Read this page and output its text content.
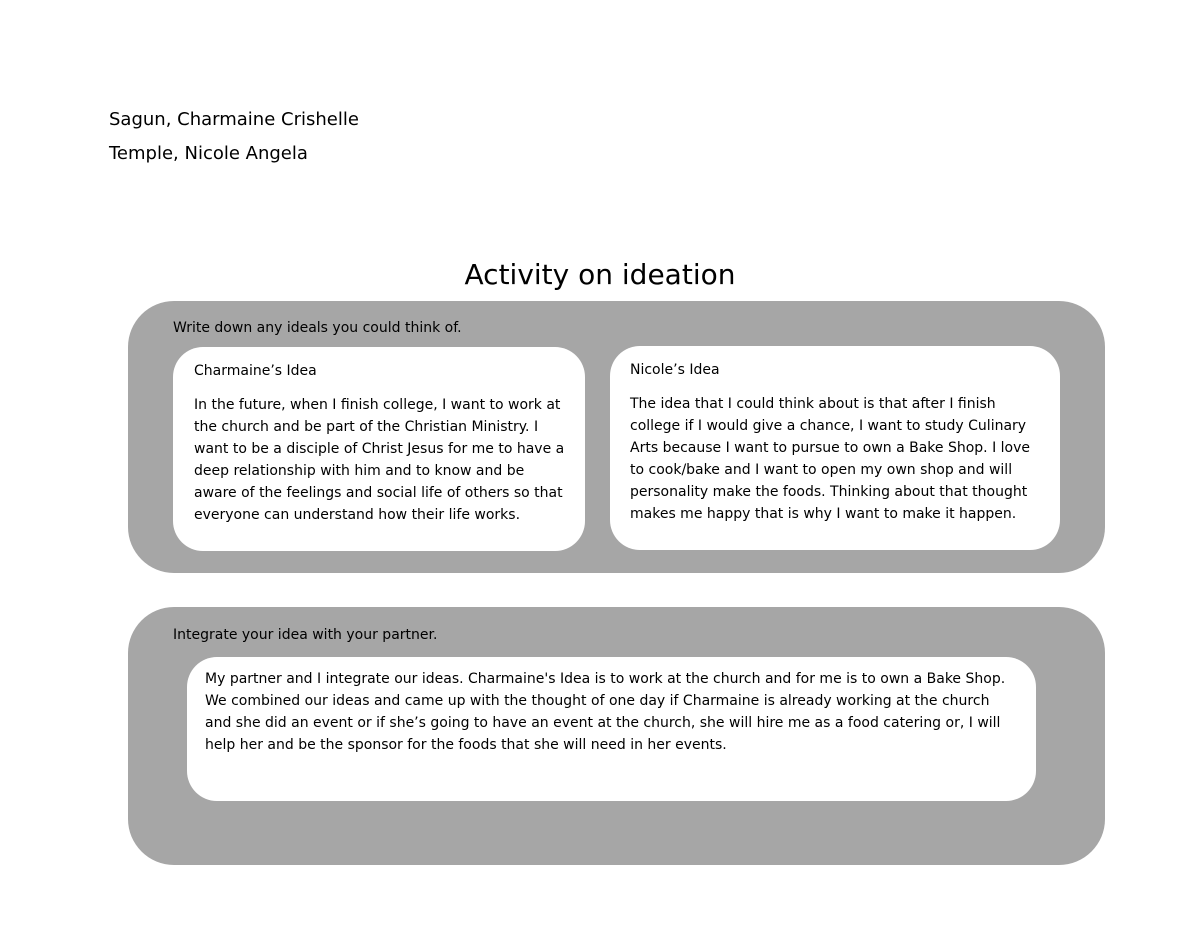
Sagun, Charmaine Crishelle
Temple, Nicole Angela
Activity on ideation
Write down any ideals you could think of.
Charmaine’s Idea

In the future, when I finish college, I want to work at the church and be part of the Christian Ministry. I want to be a disciple of Christ Jesus for me to have a deep relationship with him and to know and be aware of the feelings and social life of others so that everyone can understand how their life works.

Nicole’s Idea

The idea that I could think about is that after I finish college if I would give a chance, I want to study Culinary Arts because I want to pursue to own a Bake Shop. I love to cook/bake and I want to open my own shop and will personality make the foods. Thinking about that thought makes me happy that is why I want to make it happen.

Integrate your idea with your partner.

My partner and I integrate our ideas. Charmaine's Idea is to work at the church and for me is to own a Bake Shop. We combined our ideas and came up with the thought of one day if Charmaine is already working at the church and she did an event or if she’s going to have an event at the church, she will hire me as a food catering or, I will help her and be the sponsor for the foods that she will need in her events.
